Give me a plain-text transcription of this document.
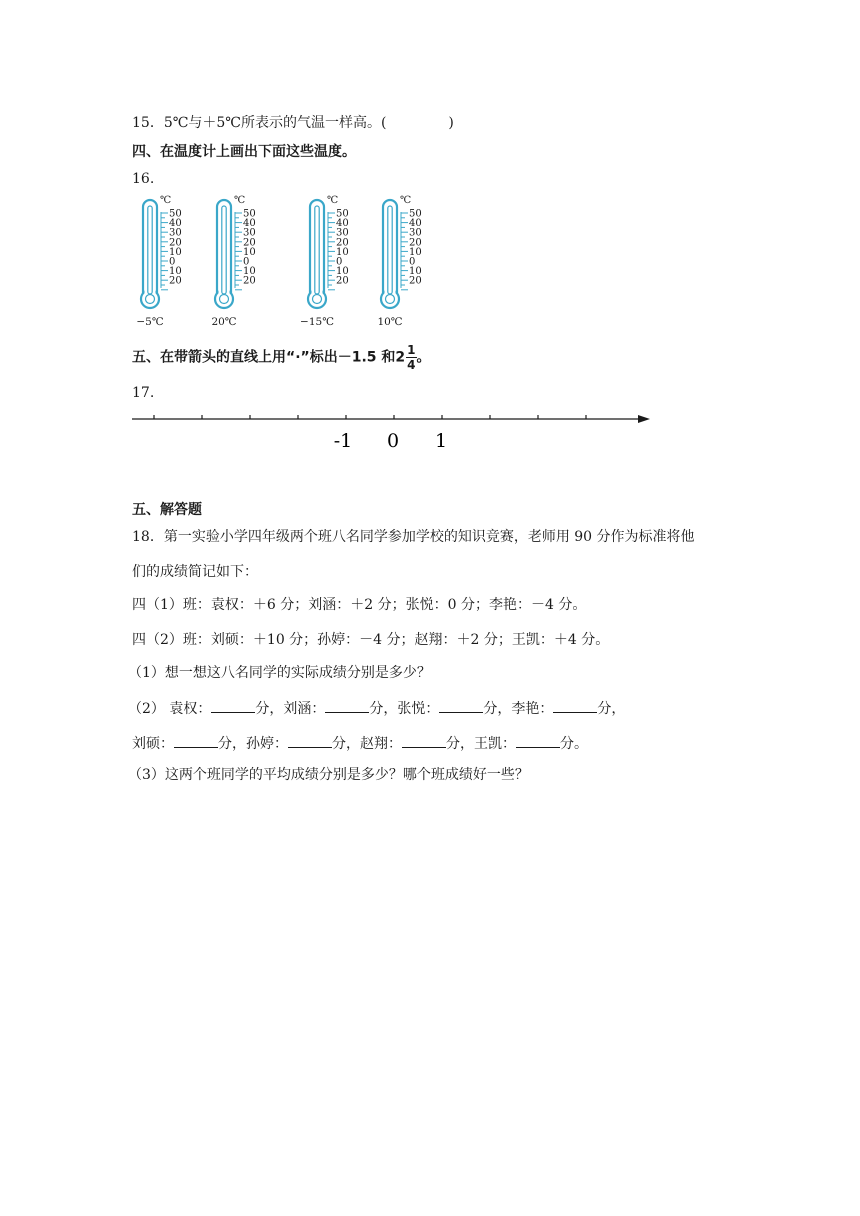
15．5℃与＋5℃所表示的气温一样高。(	)
四、在温度计上画出下面这些温度。
16.
℃
50
40
30
20
10
0
10
20
−5℃
℃
50
40
30
20
10
0
10
20
20℃
℃
50
40
30
20
10
0
10
20
−15℃
℃
50
40
30
20
10
0
10
20
10℃
五、在带箭头的直线上用“·”标出－1.5 和$2 \frac{1}{4}$ 。
17.
-1 0 1
五、解答题
18．第一实验小学四年级两个班八名同学参加学校的知识竞赛，老师用 90 分作为标准将他
们的成绩简记如下：
四（1）班：袁权：＋6 分；刘涵：＋2 分；张悦：0 分；李艳：－4 分。
四（2）班：刘硕：＋10 分；孙婷：－4 分；赵翔：＋2 分；王凯：＋4 分。
（1）想一想这八名同学的实际成绩分别是多少？
（2） 袁权：	分，刘涵：	分，张悦：	分，李艳：	分，
刘硕：	分，孙婷：	分，赵翔：	分，王凯：	分。
（3）这两个班同学的平均成绩分别是多少？哪个班成绩好一些？
